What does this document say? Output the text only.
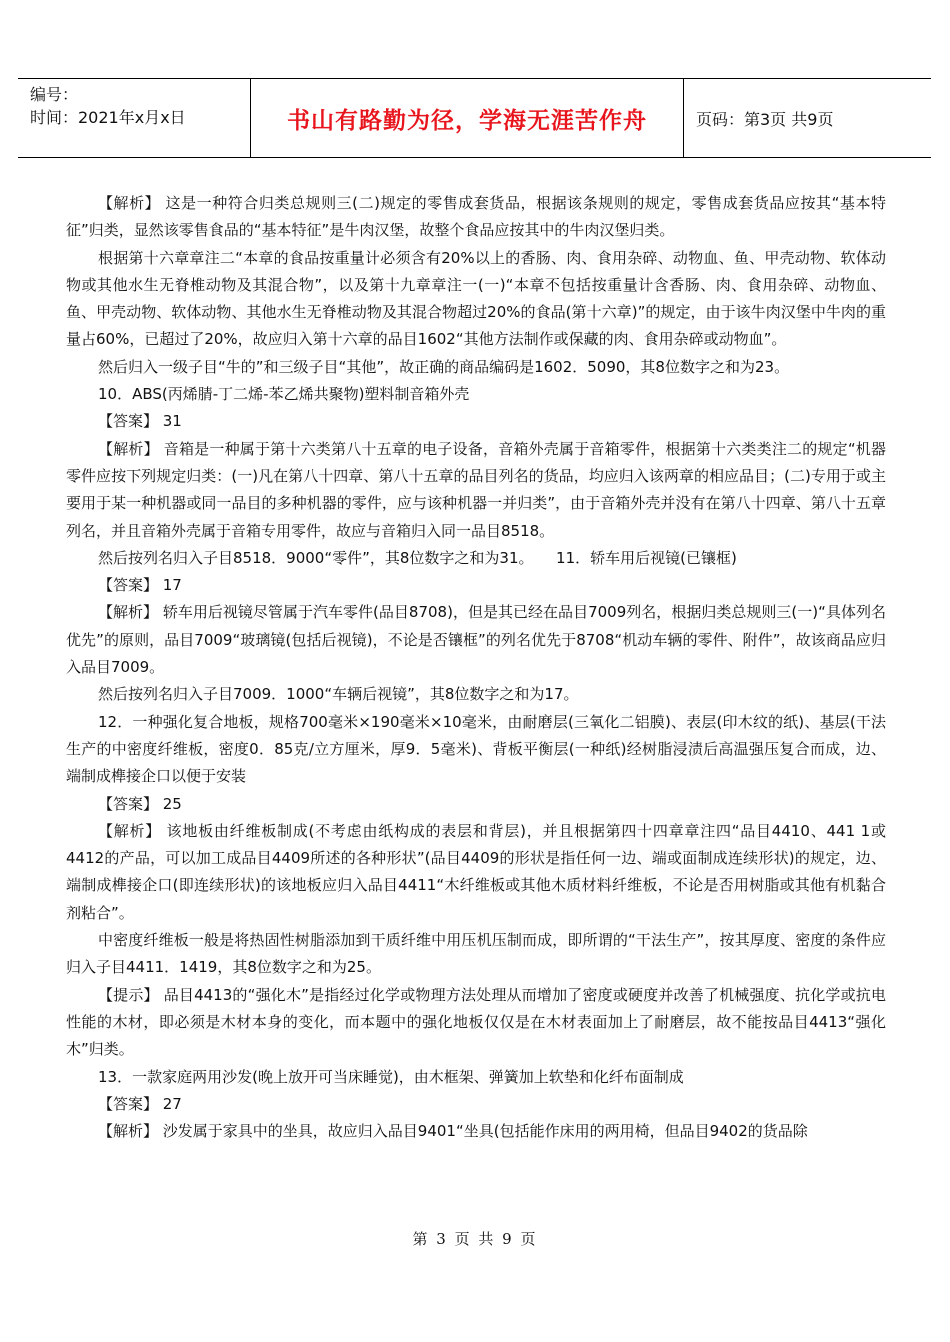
编号：
时间：2021年x月x日	书山有路勤为径，学海无涯苦作舟	页码：第3页 共9页

【解析】 这是一种符合归类总规则三(二)规定的零售成套货品，根据该条规则的规定，零售成套货品应按其“基本特征”归类，显然该零售食品的“基本特征”是牛肉汉堡，故整个食品应按其中的牛肉汉堡归类。

根据第十六章章注二“本章的食品按重量计必须含有20%以上的香肠、肉、食用杂碎、动物血、鱼、甲壳动物、软体动物或其他水生无脊椎动物及其混合物”，以及第十九章章注一(一)“本章不包括按重量计含香肠、肉、食用杂碎、动物血、鱼、甲壳动物、软体动物、其他水生无脊椎动物及其混合物超过20%的食品(第十六章)”的规定，由于该牛肉汉堡中牛肉的重量占60%，已超过了20%，故应归入第十六章的品目1602“其他方法制作或保藏的肉、食用杂碎或动物血”。

然后归入一级子目“牛的”和三级子目“其他”，故正确的商品编码是1602．5090，其8位数字之和为23。

10．ABS(丙烯腈-丁二烯-苯乙烯共聚物)塑料制音箱外壳

【答案】 31

【解析】 音箱是一种属于第十六类第八十五章的电子设备，音箱外壳属于音箱零件，根据第十六类类注二的规定“机器零件应按下列规定归类：(一)凡在第八十四章、第八十五章的品目列名的货品，均应归入该两章的相应品目；(二)专用于或主要用于某一种机器或同一品目的多种机器的零件，应与该种机器一并归类”，由于音箱外壳并没有在第八十四章、第八十五章列名，并且音箱外壳属于音箱专用零件，故应与音箱归入同一品目8518。

然后按列名归入子目8518．9000“零件”，其8位数字之和为31。　　11．轿车用后视镜(已镶框)

【答案】 17

【解析】 轿车用后视镜尽管属于汽车零件(品目8708)，但是其已经在品目7009列名，根据归类总规则三(一)“具体列名优先”的原则，品目7009“玻璃镜(包括后视镜)，不论是否镶框”的列名优先于8708“机动车辆的零件、附件”，故该商品应归入品目7009。

然后按列名归入子目7009．1000“车辆后视镜”，其8位数字之和为17。

12．一种强化复合地板，规格700毫米×190毫米×10毫米，由耐磨层(三氧化二铝膜)、表层(印木纹的纸)、基层(干法生产的中密度纤维板，密度0．85克/立方厘米，厚9．5毫米)、背板平衡层(一种纸)经树脂浸渍后高温强压复合而成，边、端制成榫接企口以便于安装

【答案】 25

【解析】 该地板由纤维板制成(不考虑由纸构成的表层和背层)，并且根据第四十四章章注四“品目4410、441 1或4412的产品，可以加工成品目4409所述的各种形状”(品目4409的形状是指任何一边、端或面制成连续形状)的规定，边、端制成榫接企口(即连续形状)的该地板应归入品目4411“木纤维板或其他木质材料纤维板，不论是否用树脂或其他有机黏合剂粘合”。

中密度纤维板一般是将热固性树脂添加到干质纤维中用压机压制而成，即所谓的“干法生产”，按其厚度、密度的条件应归入子目4411．1419，其8位数字之和为25。

【提示】 品目4413的“强化木”是指经过化学或物理方法处理从而增加了密度或硬度并改善了机械强度、抗化学或抗电性能的木材，即必须是木材本身的变化，而本题中的强化地板仅仅是在木材表面加上了耐磨层，故不能按品目4413“强化木”归类。

13．一款家庭两用沙发(晚上放开可当床睡觉)，由木框架、弹簧加上软垫和化纤布面制成

【答案】 27

【解析】 沙发属于家具中的坐具，故应归入品目9401“坐具(包括能作床用的两用椅，但品目9402的货品除

第 3 页 共 9 页
